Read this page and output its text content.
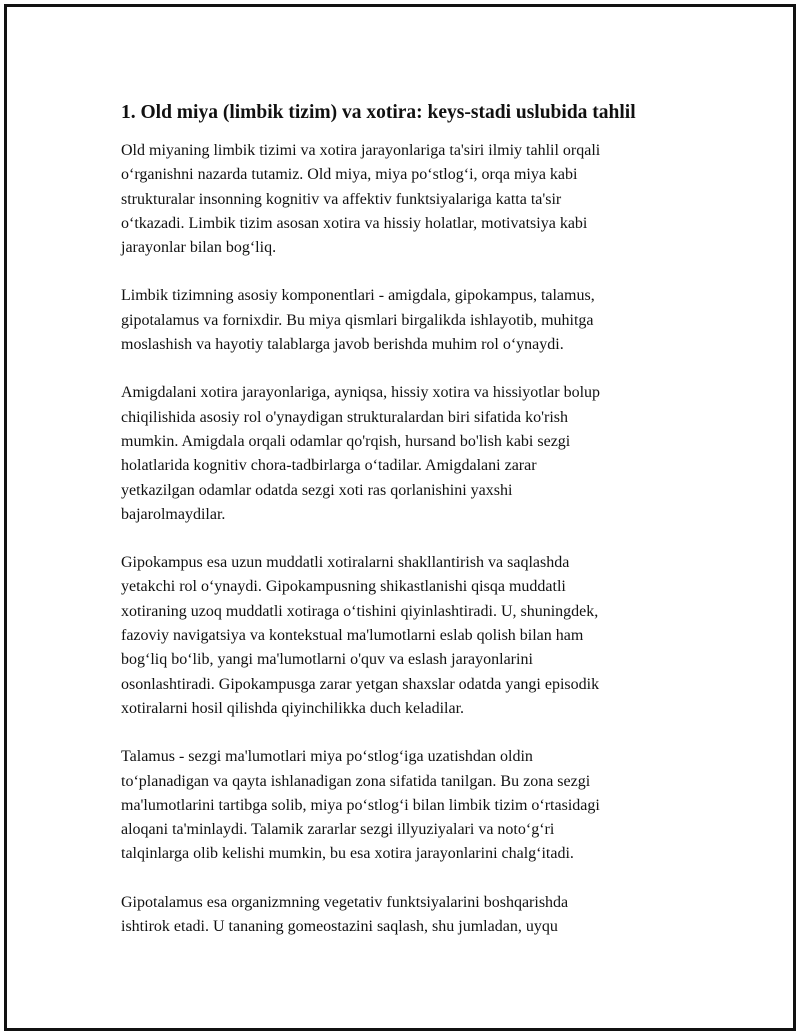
1. Old miya (limbik tizim) va xotira: keys-stadi uslubida tahlil
Old miyaning limbik tizimi va xotira jarayonlariga ta'siri ilmiy tahlil orqali
o‘rganishni nazarda tutamiz. Old miya, miya po‘stlog‘i, orqa miya kabi
strukturalar insonning kognitiv va affektiv funktsiyalariga katta ta'sir
o‘tkazadi. Limbik tizim asosan xotira va hissiy holatlar, motivatsiya kabi
jarayonlar bilan bog‘liq.
Limbik tizimning asosiy komponentlari - amigdala, gipokampus, talamus,
gipotalamus va fornixdir. Bu miya qismlari birgalikda ishlayotib, muhitga
moslashish va hayotiy talablarga javob berishda muhim rol o‘ynaydi.
Amigdalani xotira jarayonlariga, ayniqsa, hissiy xotira va hissiyotlar bolup
chiqilishida asosiy rol o'ynaydigan strukturalardan biri sifatida ko'rish
mumkin. Amigdala orqali odamlar qo'rqish, hursand bo'lish kabi sezgi
holatlarida kognitiv chora-tadbirlarga o‘tadilar. Amigdalani zarar
yetkazilgan odamlar odatda sezgi xoti ras qorlanishini yaxshi
bajarolmaydilar.
Gipokampus esa uzun muddatli xotiralarni shakllantirish va saqlashda
yetakchi rol o‘ynaydi. Gipokampusning shikastlanishi qisqa muddatli
xotiraning uzoq muddatli xotiraga o‘tishini qiyinlashtiradi. U, shuningdek,
fazoviy navigatsiya va kontekstual ma'lumotlarni eslab qolish bilan ham
bog‘liq bo‘lib, yangi ma'lumotlarni o'quv va eslash jarayonlarini
osonlashtiradi. Gipokampusga zarar yetgan shaxslar odatda yangi episodik
xotiralarni hosil qilishda qiyinchilikka duch keladilar.
Talamus - sezgi ma'lumotlari miya po‘stlog‘iga uzatishdan oldin
to‘planadigan va qayta ishlanadigan zona sifatida tanilgan. Bu zona sezgi
ma'lumotlarini tartibga solib, miya po‘stlog‘i bilan limbik tizim o‘rtasidagi
aloqani ta'minlaydi. Talamik zararlar sezgi illyuziyalari va noto‘g‘ri
talqinlarga olib kelishi mumkin, bu esa xotira jarayonlarini chalg‘itadi.
Gipotalamus esa organizmning vegetativ funktsiyalarini boshqarishda
ishtirok etadi. U tananing gomeostazini saqlash, shu jumladan, uyqu
